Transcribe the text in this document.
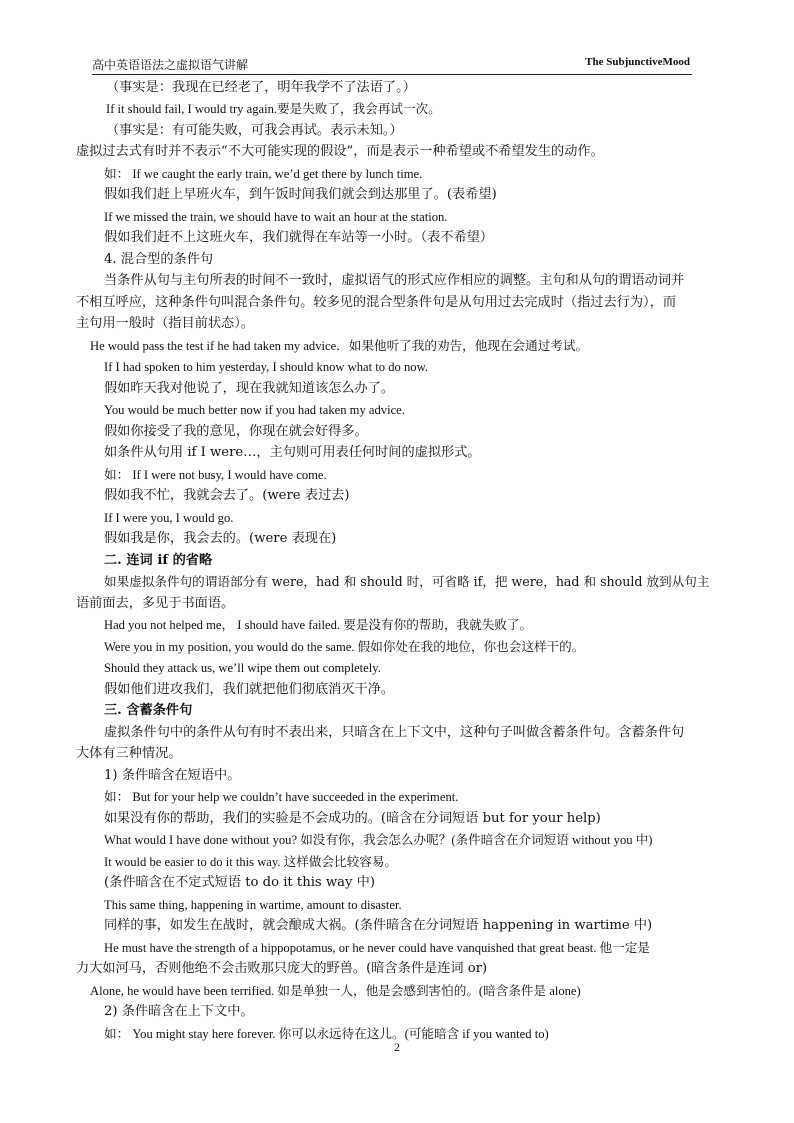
高中英语语法之虚拟语气讲解	The SubjunctiveMood
（事实是：我现在已经老了，明年我学不了法语了。）
If it should fail, I would try again.要是失败了，我会再试一次。
（事实是：有可能失败，可我会再试。表示未知。）
虚拟过去式有时并不表示“不大可能实现的假设”，而是表示一种希望或不希望发生的动作。
如： If we caught the early train, we’d get there by lunch time.
假如我们赶上早班火车，到午饭时间我们就会到达那里了。(表希望)
If we missed the train, we should have to wait an hour at the station.
假如我们赶不上这班火车，我们就得在车站等一小时。（表不希望）
4. 混合型的条件句
当条件从句与主句所表的时间不一致时，虚拟语气的形式应作相应的调整。主句和从句的谓语动词并
不相互呼应，这种条件句叫混合条件句。较多见的混合型条件句是从句用过去完成时（指过去行为），而
主句用一般时（指目前状态）。
He would pass the test if he had taken my advice．如果他听了我的劝告，他现在会通过考试。
If I had spoken to him yesterday, I should know what to do now.
假如昨天我对他说了，现在我就知道该怎么办了。
You would be much better now if you had taken my advice.
假如你接受了我的意见，你现在就会好得多。
如条件从句用 if I were…，主句则可用表任何时间的虚拟形式。
如： If I were not busy, I would have come.
假如我不忙，我就会去了。(were 表过去)
If I were you, I would go.
假如我是你，我会去的。(were 表现在)
二. 连词 if 的省略
如果虚拟条件句的谓语部分有 were，had 和 should 时，可省略 if，把 were，had 和 should 放到从句主
语前面去，多见于书面语。
Had you not helped me， I should have failed. 要是没有你的帮助，我就失败了。
Were you in my position, you would do the same. 假如你处在我的地位，你也会这样干的。
Should they attack us, we’ll wipe them out completely.
假如他们进攻我们，我们就把他们彻底消灭干净。
三. 含蓄条件句
虚拟条件句中的条件从句有时不表出来，只暗含在上下文中，这种句子叫做含蓄条件句。含蓄条件句
大体有三种情况。
1) 条件暗含在短语中。
如： But for your help we couldn’t have succeeded in the experiment.
如果没有你的帮助，我们的实验是不会成功的。(暗含在分词短语 but for your help)
What would I have done without you? 如没有你，我会怎么办呢？(条件暗含在介词短语 without you 中)
It would be easier to do it this way. 这样做会比较容易。
(条件暗含在不定式短语 to do it this way 中)
This same thing, happening in wartime, amount to disaster.
同样的事，如发生在战时，就会酿成大祸。(条件暗含在分词短语 happening in wartime 中)
He must have the strength of a hippopotamus, or he never could have vanquished that great beast. 他一定是
力大如河马，否则他绝不会击败那只庞大的野兽。(暗含条件是连词 or)
Alone, he would have been terrified. 如是单独一人，他是会感到害怕的。(暗含条件是 alone)
2) 条件暗含在上下文中。
如： You might stay here forever. 你可以永远待在这儿。(可能暗含 if you wanted to)
2
